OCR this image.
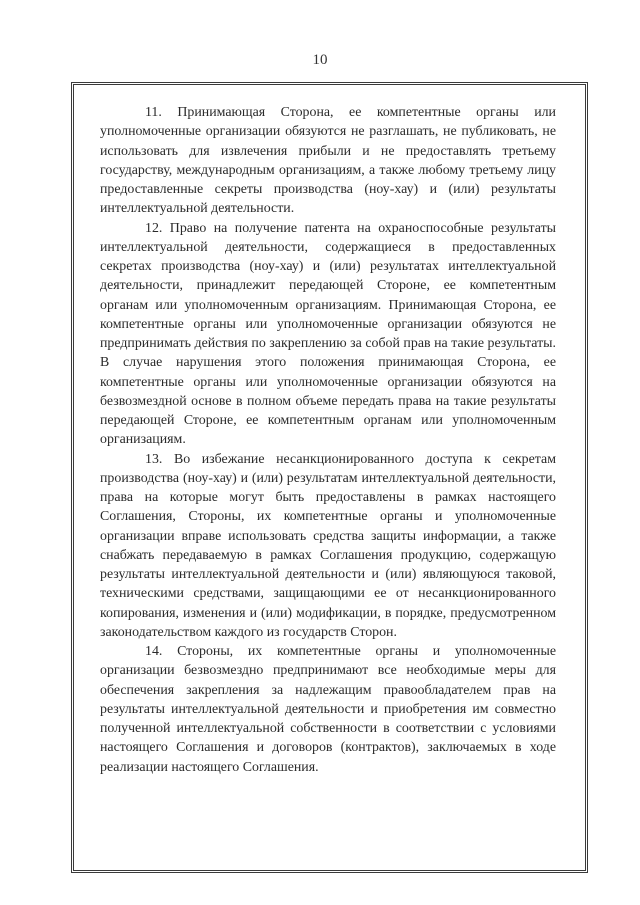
10

11. Принимающая Сторона, ее компетентные органы или уполномоченные организации обязуются не разглашать, не публиковать, не использовать для извлечения прибыли и не предоставлять третьему государству, международным организациям, а также любому третьему лицу предоставленные секреты производства (ноу-хау) и (или) результаты интеллектуальной деятельности.

12. Право на получение патента на охраноспособные результаты интеллектуальной деятельности, содержащиеся в предоставленных секретах производства (ноу-хау) и (или) результатах интеллектуальной деятельности, принадлежит передающей Стороне, ее компетентным органам или уполномоченным организациям. Принимающая Сторона, ее компетентные органы или уполномоченные организации обязуются не предпринимать действия по закреплению за собой прав на такие результаты. В случае нарушения этого положения принимающая Сторона, ее компетентные органы или уполномоченные организации обязуются на безвозмездной основе в полном объеме передать права на такие результаты передающей Стороне, ее компетентным органам или уполномоченным организациям.

13. Во избежание несанкционированного доступа к секретам производства (ноу-хау) и (или) результатам интеллектуальной деятельности, права на которые могут быть предоставлены в рамках настоящего Соглашения, Стороны, их компетентные органы и уполномоченные организации вправе использовать средства защиты информации, а также снабжать передаваемую в рамках Соглашения продукцию, содержащую результаты интеллектуальной деятельности и (или) являющуюся таковой, техническими средствами, защищающими ее от несанкционированного копирования, изменения и (или) модификации, в порядке, предусмотренном законодательством каждого из государств Сторон.

14. Стороны, их компетентные органы и уполномоченные организации безвозмездно предпринимают все необходимые меры для обеспечения закрепления за надлежащим правообладателем прав на результаты интеллектуальной деятельности и приобретения им совместно полученной интеллектуальной собственности в соответствии с условиями настоящего Соглашения и договоров (контрактов), заключаемых в ходе реализации настоящего Соглашения.
